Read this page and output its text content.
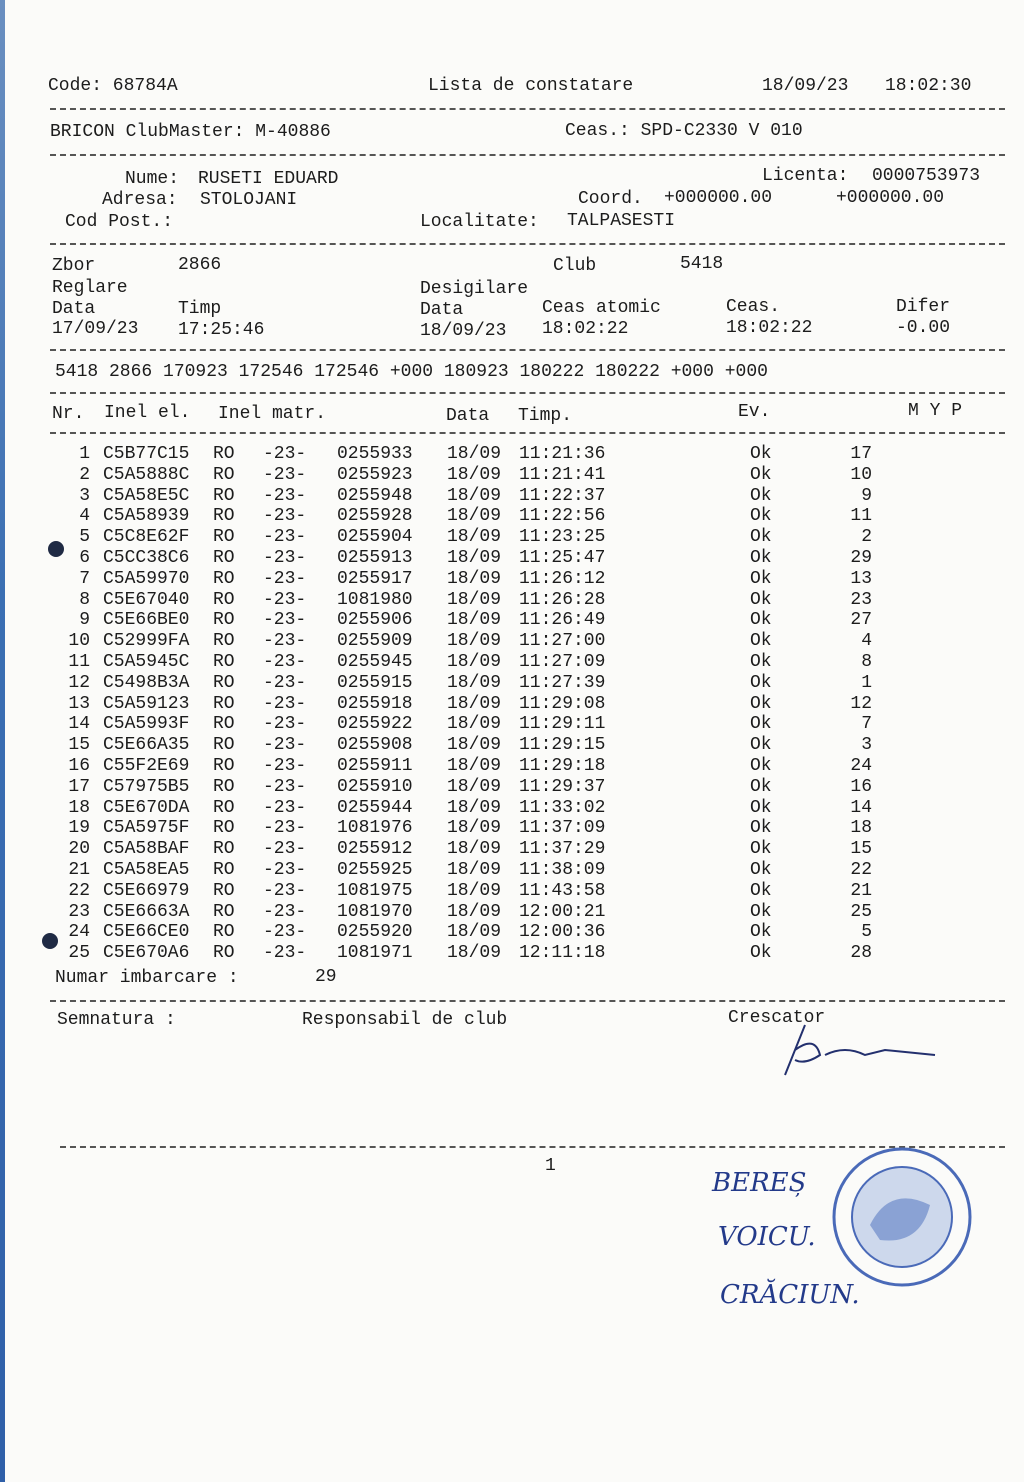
Code: 68784A	Lista de constatare	18/09/23 18:02:30
BRICON ClubMaster: M-40886	Ceas.: SPD-C2330 V 010
Nume: RUSETI EDUARD	Licenta: 0000753973
Adresa: STOLOJANI	Coord. +000000.00	+000000.00
Cod Post.:	Localitate: TALPASESTI
Zbor	2866	Club	5418
Reglare	Desigilare
Data	Timp	Data	Ceas atomic	Ceas.	Difer
17/09/23 17:25:46	18/09/23 18:02:22	18:02:22	-0.00
5418 2866 170923 172546 172546 +000 180923 180222 180222 +000 +000
Nr. Inel el. Inel matr.	Data Timp.	Ev.	M Y P
1 C5B77C15 RO -23- 0255933 18/09 11:21:36	Ok	17
2 C5A5888C RO -23- 0255923 18/09 11:21:41	Ok	10
3 C5A58E5C RO -23- 0255948 18/09 11:22:37	Ok	9
4 C5A58939 RO -23- 0255928 18/09 11:22:56	Ok	11
5 C5C8E62F RO -23- 0255904 18/09 11:23:25	Ok	2
6 C5CC38C6 RO -23- 0255913 18/09 11:25:47	Ok	29
7 C5A59970 RO -23- 0255917 18/09 11:26:12	Ok	13
8 C5E67040 RO -23- 1081980 18/09 11:26:28	Ok	23
9 C5E66BE0 RO -23- 0255906 18/09 11:26:49	Ok	27
10 C52999FA RO -23- 0255909 18/09 11:27:00	Ok	4
11 C5A5945C RO -23- 0255945 18/09 11:27:09	Ok	8
12 C5498B3A RO -23- 0255915 18/09 11:27:39	Ok	1
13 C5A59123 RO -23- 0255918 18/09 11:29:08	Ok	12
14 C5A5993F RO -23- 0255922 18/09 11:29:11	Ok	7
15 C5E66A35 RO -23- 0255908 18/09 11:29:15	Ok	3
16 C55F2E69 RO -23- 0255911 18/09 11:29:18	Ok	24
17 C57975B5 RO -23- 0255910 18/09 11:29:37	Ok	16
18 C5E670DA RO -23- 0255944 18/09 11:33:02	Ok	14
19 C5A5975F RO -23- 1081976 18/09 11:37:09	Ok	18
20 C5A58BAF RO -23- 0255912 18/09 11:37:29	Ok	15
21 C5A58EA5 RO -23- 0255925 18/09 11:38:09	Ok	22
22 C5E66979 RO -23- 1081975 18/09 11:43:58	Ok	21
23 C5E6663A RO -23- 1081970 18/09 12:00:21	Ok	25
24 C5E66CE0 RO -23- 0255920 18/09 12:00:36	Ok	5
25 C5E670A6 RO -23- 1081971 18/09 12:11:18	Ok	28
Numar imbarcare :	29
Semnatura :	Responsabil de club	Crescator
1
BEREȘ
VOICU.
CRĂCIUN.
